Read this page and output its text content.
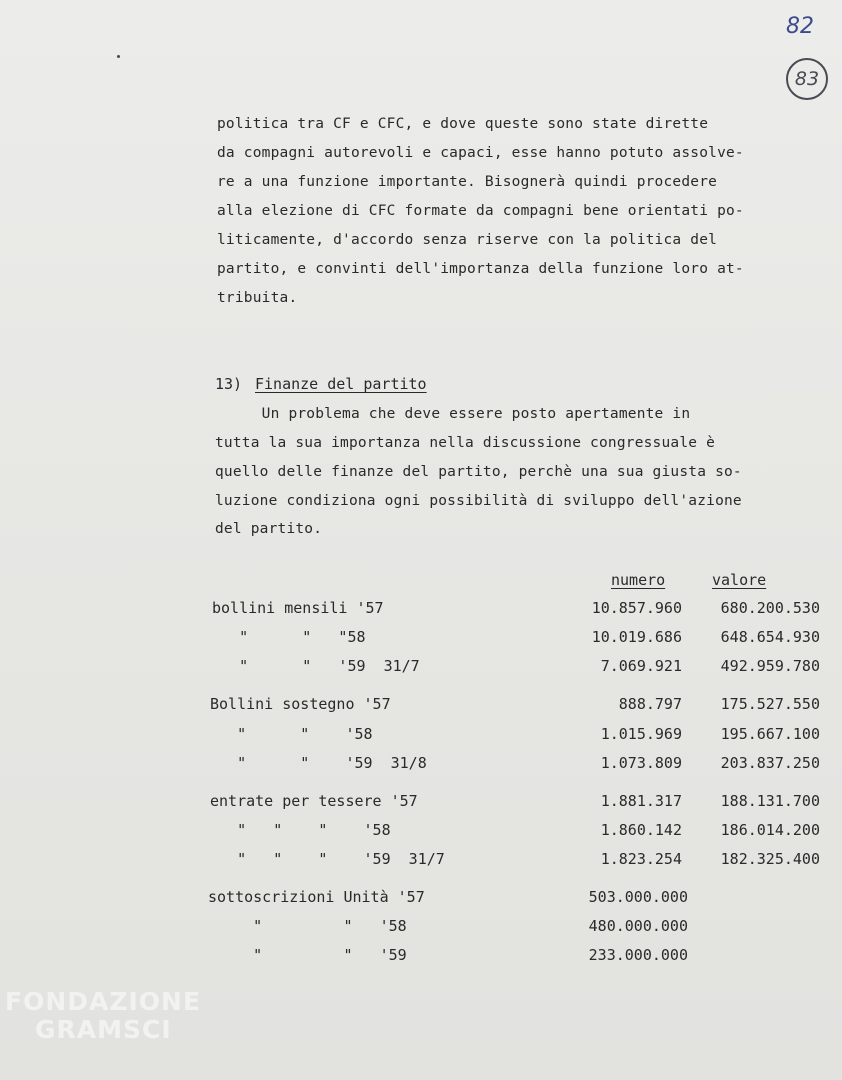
82
83
politica tra CF e CFC, e dove queste sono state dirette
da compagni autorevoli e capaci, esse hanno potuto assolve-
re a una funzione importante. Bisognerà quindi procedere
alla elezione di CFC formate da compagni bene orientati po-
liticamente, d'accordo senza riserve con la politica del
partito, e convinti dell'importanza della funzione loro at-
tribuita.
13) Finanze del partito
Un problema che deve essere posto apertamente in
tutta la sua importanza nella discussione congressuale è
quello delle finanze del partito, perchè una sua giusta so-
luzione condiziona ogni possibilità di sviluppo dell'azione
del partito.
numero	valore
bollini mensili '57	10.857.960	680.200.530
"      "   "58	10.019.686	648.654.930
"      "   '59  31/7	7.069.921	492.959.780
Bollini sostegno '57	888.797	175.527.550
"      "    '58	1.015.969	195.667.100
"      "    '59  31/8	1.073.809	203.837.250
entrate per tessere '57	1.881.317	188.131.700
"   "    "    '58	1.860.142	186.014.200
"   "    "    '59  31/7	1.823.254	182.325.400
sottoscrizioni Unità '57	503.000.000
"         "   '58	480.000.000
"         "   '59	233.000.000
FONDAZIONE
GRAMSCI
